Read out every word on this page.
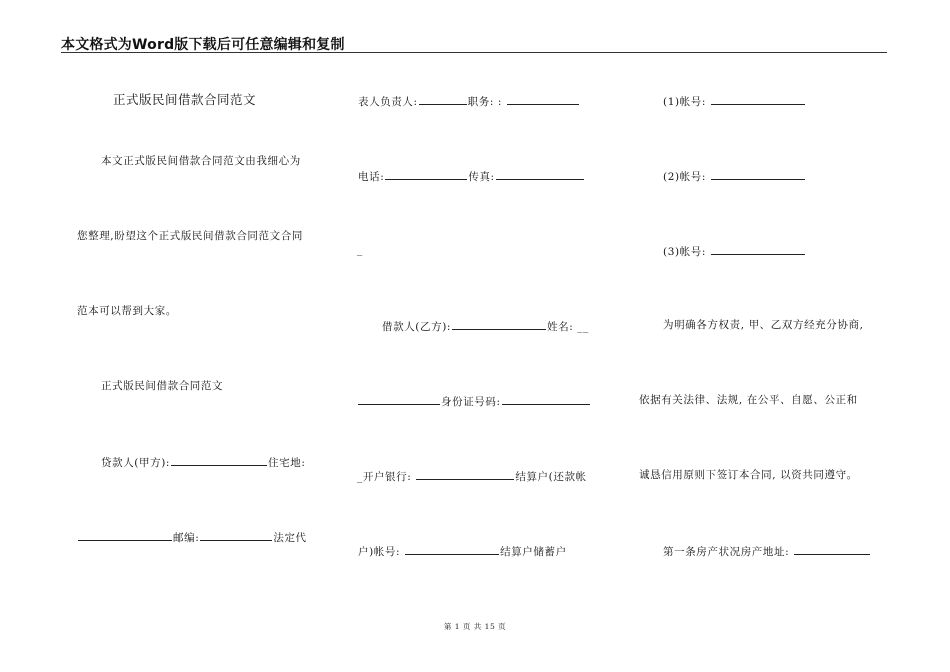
本文格式为Word版下载后可任意编辑和复制
正式版民间借款合同范文
本文正式版民间借款合同范文由我细心为
您整理,盼望这个正式版民间借款合同范文合同
范本可以帮到大家。
正式版民间借款合同范文
贷款人(甲方):	住宅地:
邮编:	法定代
表人负责人:	职务: :
电话:	传真:
_
借款人(乙方):	姓名: __
身份证号码:
_开户银行:	结算户(还款帐
户)帐号:	结算户储蓄户
(1)帐号:
(2)帐号:
(3)帐号:
为明确各方权责, 甲、乙双方经充分协商,
依据有关法律、法规, 在公平、自愿、公正和
诚恳信用原则下签订本合同, 以资共同遵守。
第一条房产状况房产地址:
第 1 页 共 15 页
